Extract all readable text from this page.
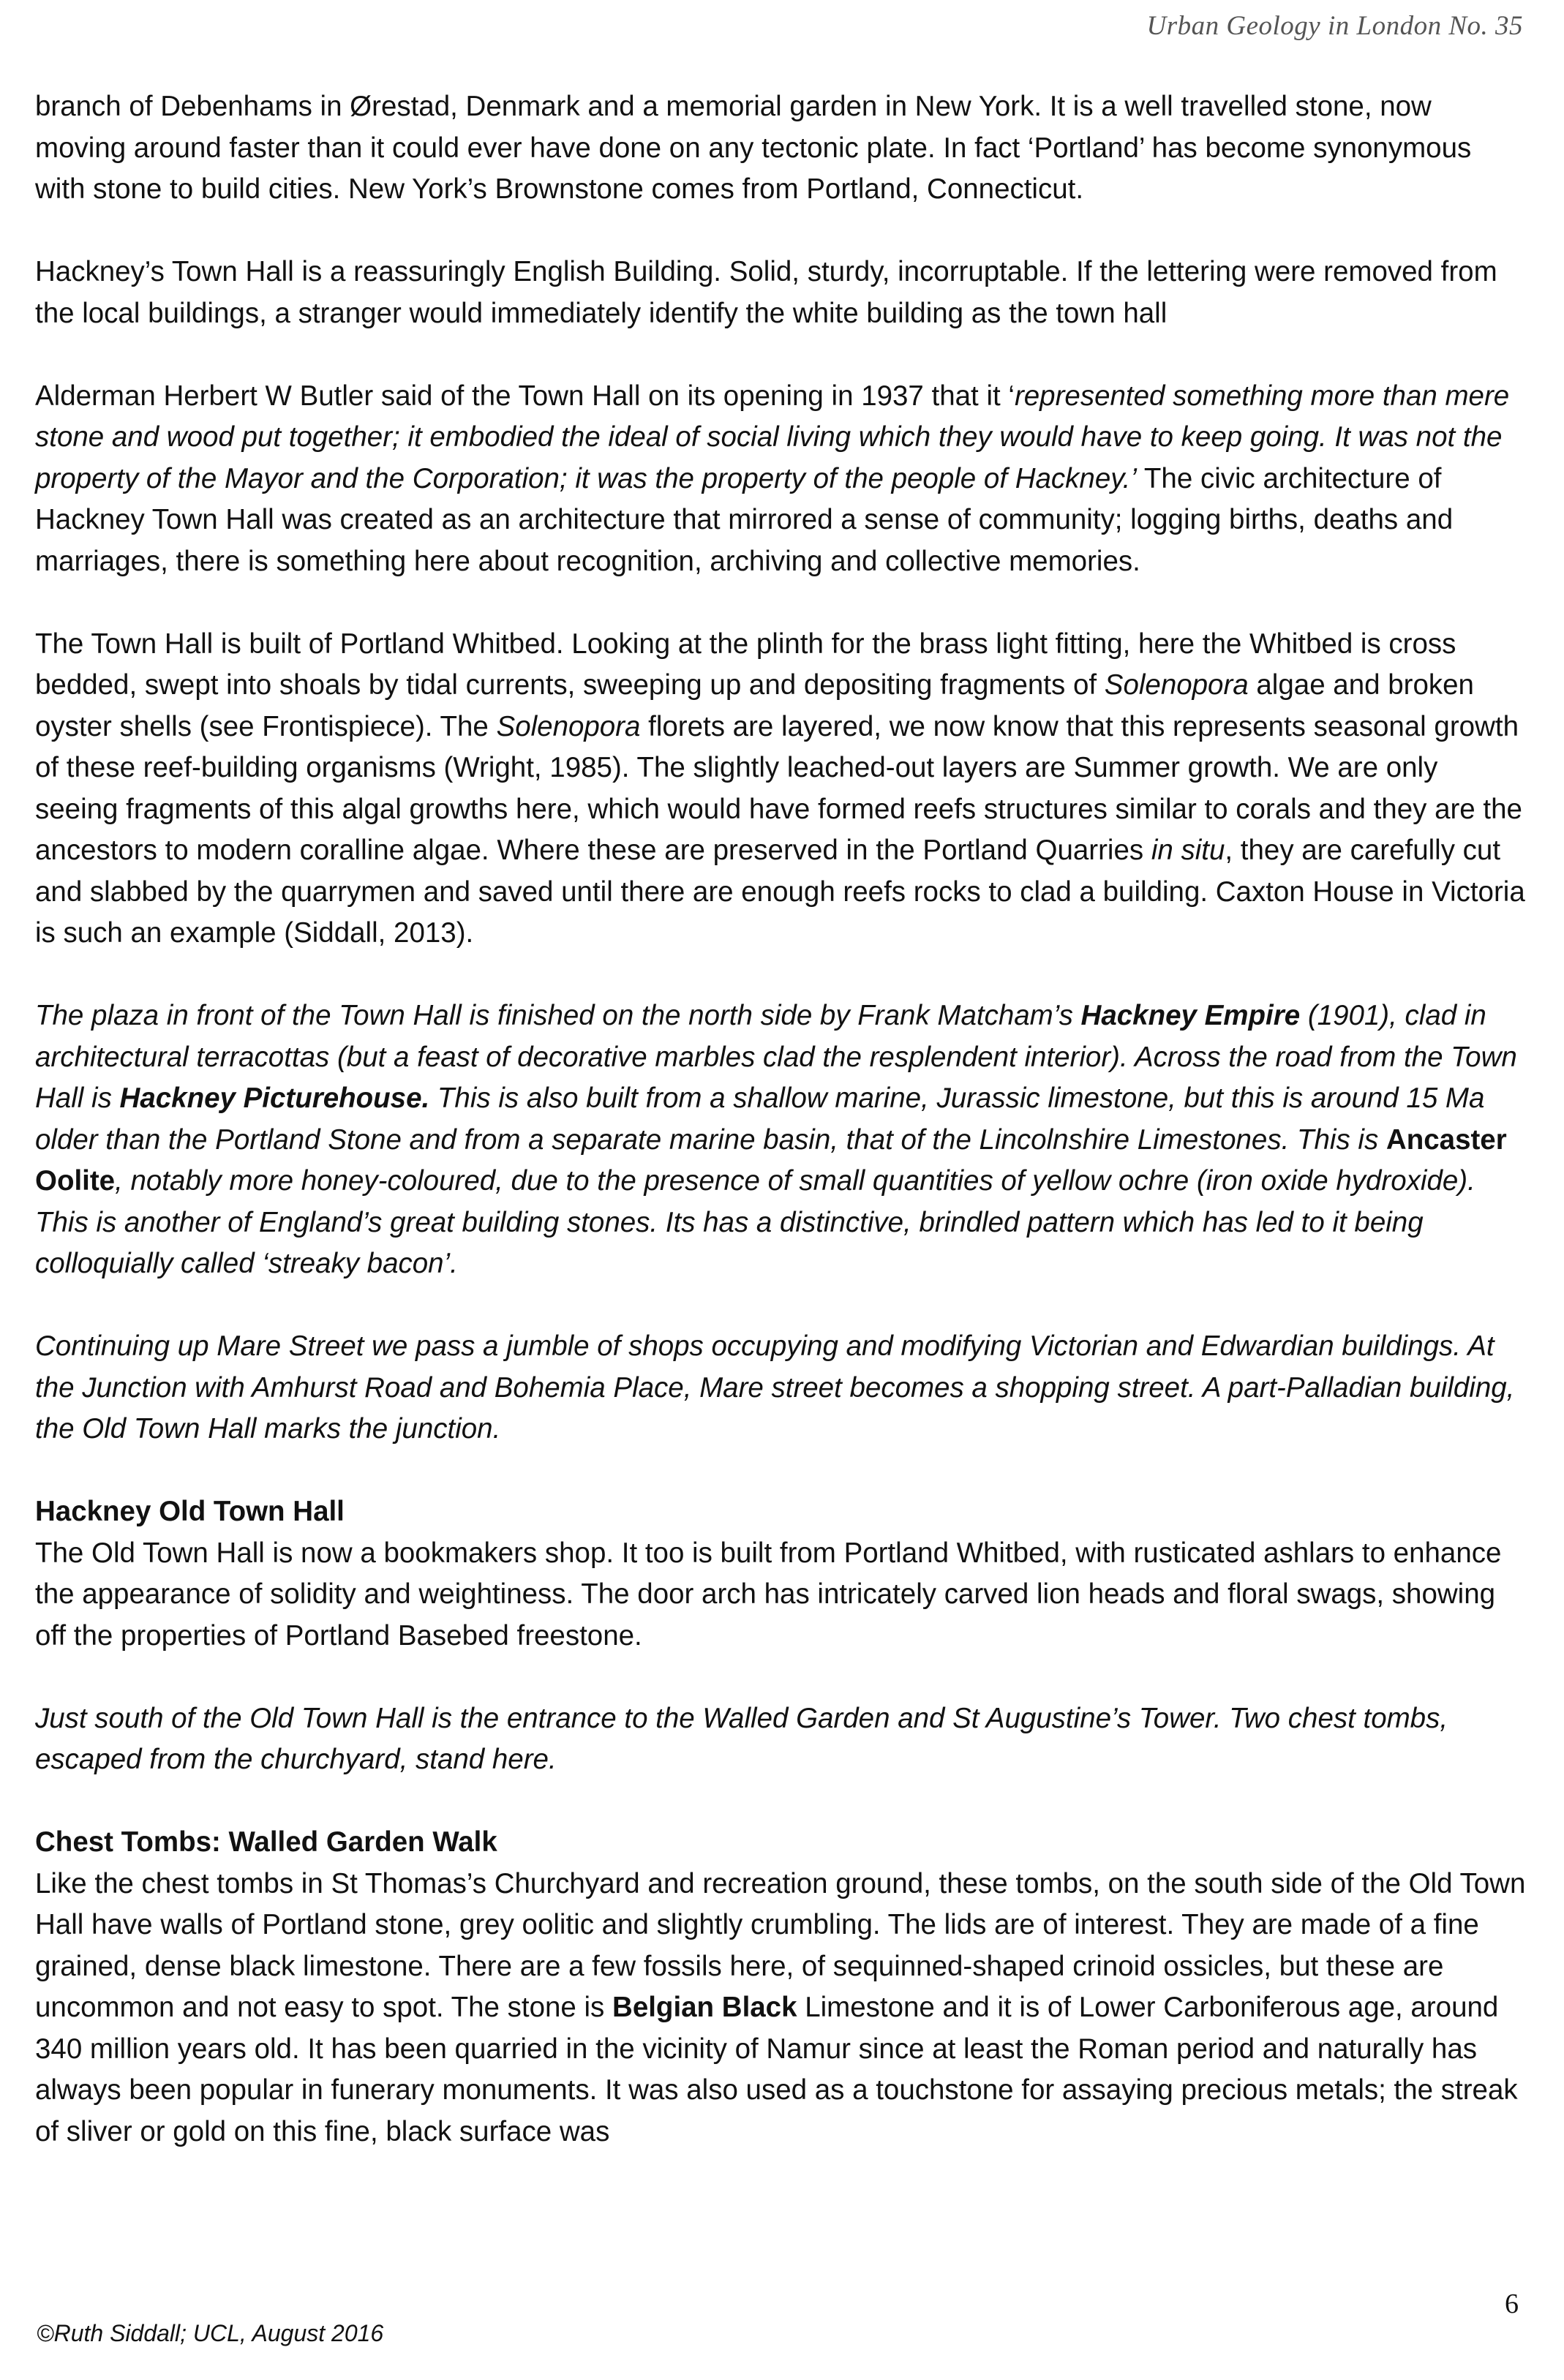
Urban Geology in London No. 35

branch of Debenhams in Ørestad, Denmark and a memorial garden in New York. It is a well travelled stone, now moving around faster than it could ever have done on any tectonic plate. In fact ‘Portland’ has become synonymous with stone to build cities. New York’s Brownstone comes from Portland, Connecticut.

Hackney’s Town Hall is a reassuringly English Building. Solid, sturdy, incorruptable. If the lettering were removed from the local buildings, a stranger would immediately identify the white building as the town hall

Alderman Herbert W Butler said of the Town Hall on its opening in 1937 that it ‘represented something more than mere stone and wood put together; it embodied the ideal of social living which they would have to keep going. It was not the property of the Mayor and the Corporation; it was the property of the people of Hackney.’ The civic architecture of Hackney Town Hall was created as an architecture that mirrored a sense of community; logging births, deaths and marriages, there is something here about recognition, archiving and collective memories.

The Town Hall is built of Portland Whitbed. Looking at the plinth for the brass light fitting, here the Whitbed is cross bedded, swept into shoals by tidal currents, sweeping up and depositing fragments of Solenopora algae and broken oyster shells (see Frontispiece). The Solenopora florets are layered, we now know that this represents seasonal growth of these reef-building organisms (Wright, 1985). The slightly leached-out layers are Summer growth. We are only seeing fragments of this algal growths here, which would have formed reefs structures similar to corals and they are the ancestors to modern coralline algae. Where these are preserved in the Portland Quarries in situ, they are carefully cut and slabbed by the quarrymen and saved until there are enough reefs rocks to clad a building. Caxton House in Victoria is such an example (Siddall, 2013).

The plaza in front of the Town Hall is finished on the north side by Frank Matcham’s Hackney Empire (1901), clad in architectural terracottas (but a feast of decorative marbles clad the resplendent interior). Across the road from the Town Hall is Hackney Picturehouse. This is also built from a shallow marine, Jurassic limestone, but this is around 15 Ma older than the Portland Stone and from a separate marine basin, that of the Lincolnshire Limestones. This is Ancaster Oolite, notably more honey-coloured, due to the presence of small quantities of yellow ochre (iron oxide hydroxide). This is another of England’s great building stones. Its has a distinctive, brindled pattern which has led to it being colloquially called ‘streaky bacon’.

Continuing up Mare Street we pass a jumble of shops occupying and modifying Victorian and Edwardian buildings. At the Junction with Amhurst Road and Bohemia Place, Mare street becomes a shopping street. A part-Palladian building, the Old Town Hall marks the junction.

Hackney Old Town Hall

The Old Town Hall is now a bookmakers shop. It too is built from Portland Whitbed, with rusticated ashlars to enhance the appearance of solidity and weightiness. The door arch has intricately carved lion heads and floral swags, showing off the properties of Portland Basebed freestone.

Just south of the Old Town Hall is the entrance to the Walled Garden and St Augustine’s Tower. Two chest tombs, escaped from the churchyard, stand here.

Chest Tombs: Walled Garden Walk

Like the chest tombs in St Thomas’s Churchyard and recreation ground, these tombs, on the south side of the Old Town Hall have walls of Portland stone, grey oolitic and slightly crumbling. The lids are of interest. They are made of a fine grained, dense black limestone. There are a few fossils here, of sequinned-shaped crinoid ossicles, but these are uncommon and not easy to spot. The stone is Belgian Black Limestone and it is of Lower Carboniferous age, around 340 million years old. It has been quarried in the vicinity of Namur since at least the Roman period and naturally has always been popular in funerary monuments. It was also used as a touchstone for assaying precious metals; the streak of sliver or gold on this fine, black surface was

6
©Ruth Siddall; UCL, August 2016
